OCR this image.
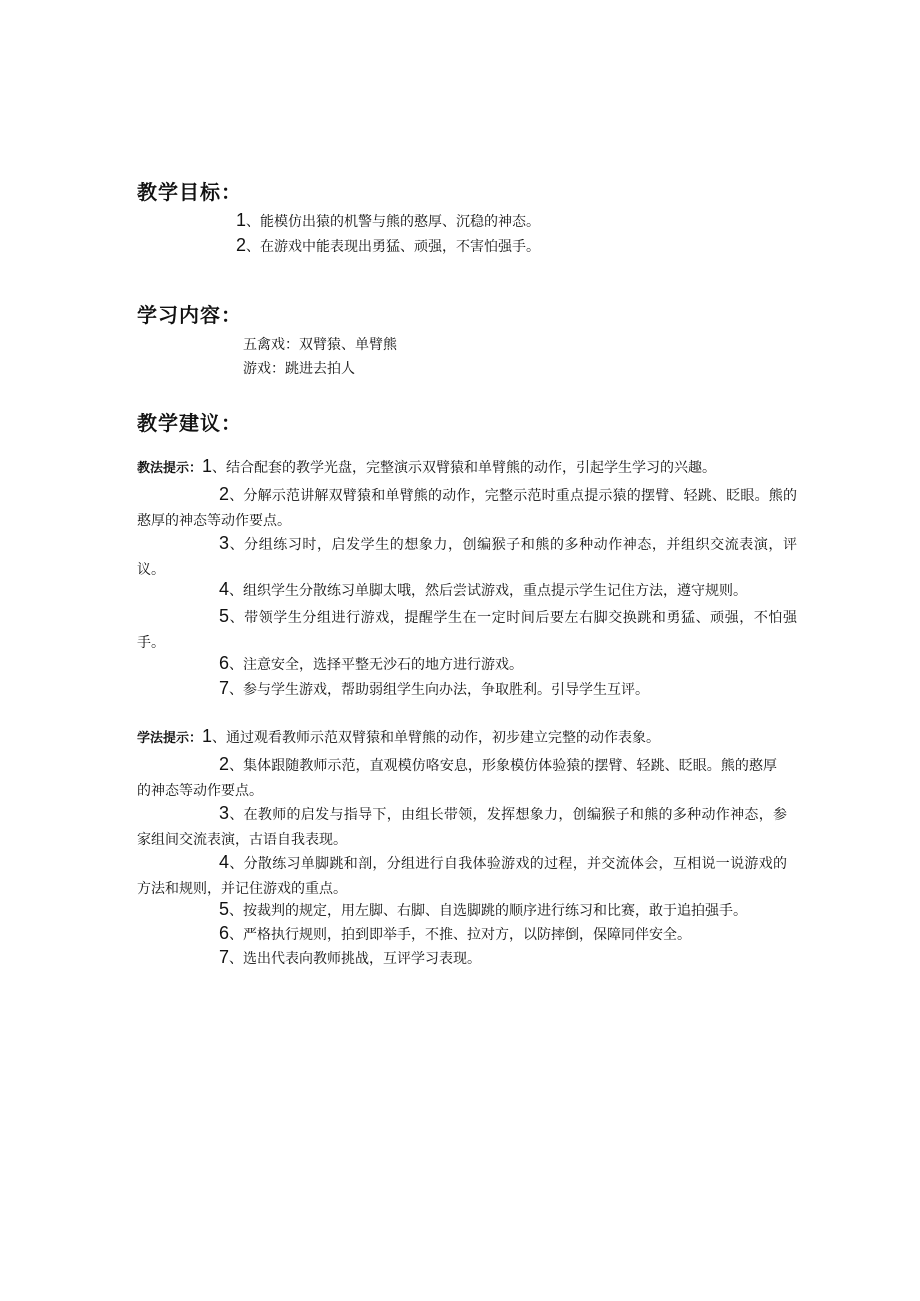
教学目标：

1、能模仿出猿的机警与熊的憨厚、沉稳的神态。

2、在游戏中能表现出勇猛、顽强，不害怕强手。

学习内容：

五禽戏：双臂猿、单臂熊

游戏：跳进去拍人

教学建议：

教法提示：1、结合配套的教学光盘，完整演示双臂猿和单臂熊的动作，引起学生学习的兴趣。

2、分解示范讲解双臂猿和单臂熊的动作，完整示范时重点提示猿的摆臂、轻跳、眨眼。熊的憨厚的神态等动作要点。

3、分组练习时，启发学生的想象力，创编猴子和熊的多种动作神态，并组织交流表演，评议。

4、组织学生分散练习单脚太哦，然后尝试游戏，重点提示学生记住方法，遵守规则。

5、带领学生分组进行游戏，提醒学生在一定时间后要左右脚交换跳和勇猛、顽强，不怕强手。

6、注意安全，选择平整无沙石的地方进行游戏。

7、参与学生游戏，帮助弱组学生向办法，争取胜利。引导学生互评。

学法提示：1、通过观看教师示范双臂猿和单臂熊的动作，初步建立完整的动作表象。

2、集体跟随教师示范，直观模仿咯安息，形象模仿体验猿的摆臂、轻跳、眨眼。熊的憨厚的神态等动作要点。

3、在教师的启发与指导下，由组长带领，发挥想象力，创编猴子和熊的多种动作神态，参家组间交流表演，古语自我表现。

4、分散练习单脚跳和剖，分组进行自我体验游戏的过程，并交流体会，互相说一说游戏的方法和规则，并记住游戏的重点。

5、按裁判的规定，用左脚、右脚、自选脚跳的顺序进行练习和比赛，敢于追拍强手。

6、严格执行规则，拍到即举手，不推、拉对方，以防摔倒，保障同伴安全。

7、选出代表向教师挑战，互评学习表现。
